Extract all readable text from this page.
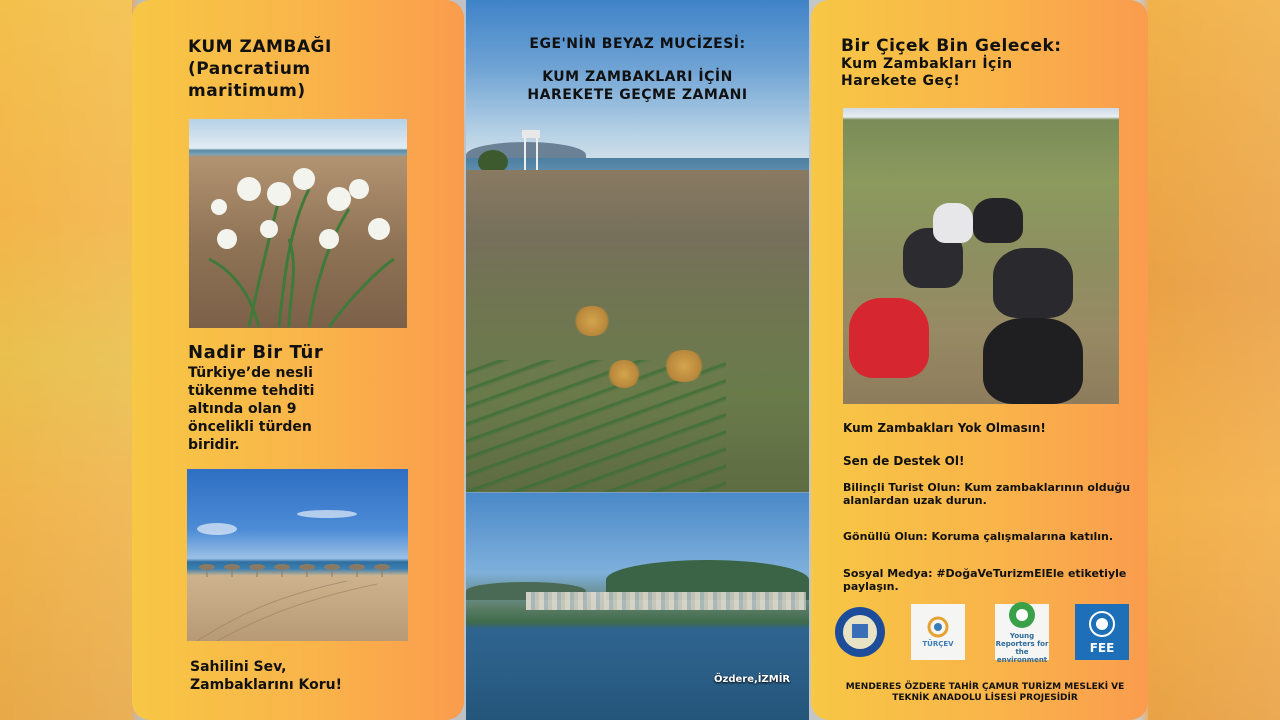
KUM ZAMBAĞI
(Pancratium
maritimum)
Nadir Bir Tür
Türkiye’de nesli
tükenme tehditi
altında olan 9
öncelikli türden
biridir.
Sahilini Sev,
Zambaklarını Koru!
EGE'NİN BEYAZ MUCİZESİ:
KUM ZAMBAKLARI İÇİN
HAREKETE GEÇME ZAMANI
Özdere,İZMİR
Bir Çiçek Bin Gelecek:
Kum Zambakları İçin
Harekete Geç!
Kum Zambakları Yok Olmasın!
Sen de Destek Ol!
Bilinçli Turist Olun: Kum zambaklarının olduğu alanlardan uzak durun.
Gönüllü Olun: Koruma çalışmalarına katılın.
Sosyal Medya: #DoğaVeTurizmElEle etiketiyle paylaşın.
TÜRÇEV
Young Reporters for the environment
FEE
MENDERES ÖZDERE TAHİR ÇAMUR TURİZM MESLEKİ VE TEKNİK ANADOLU LİSESİ PROJESİDİR
